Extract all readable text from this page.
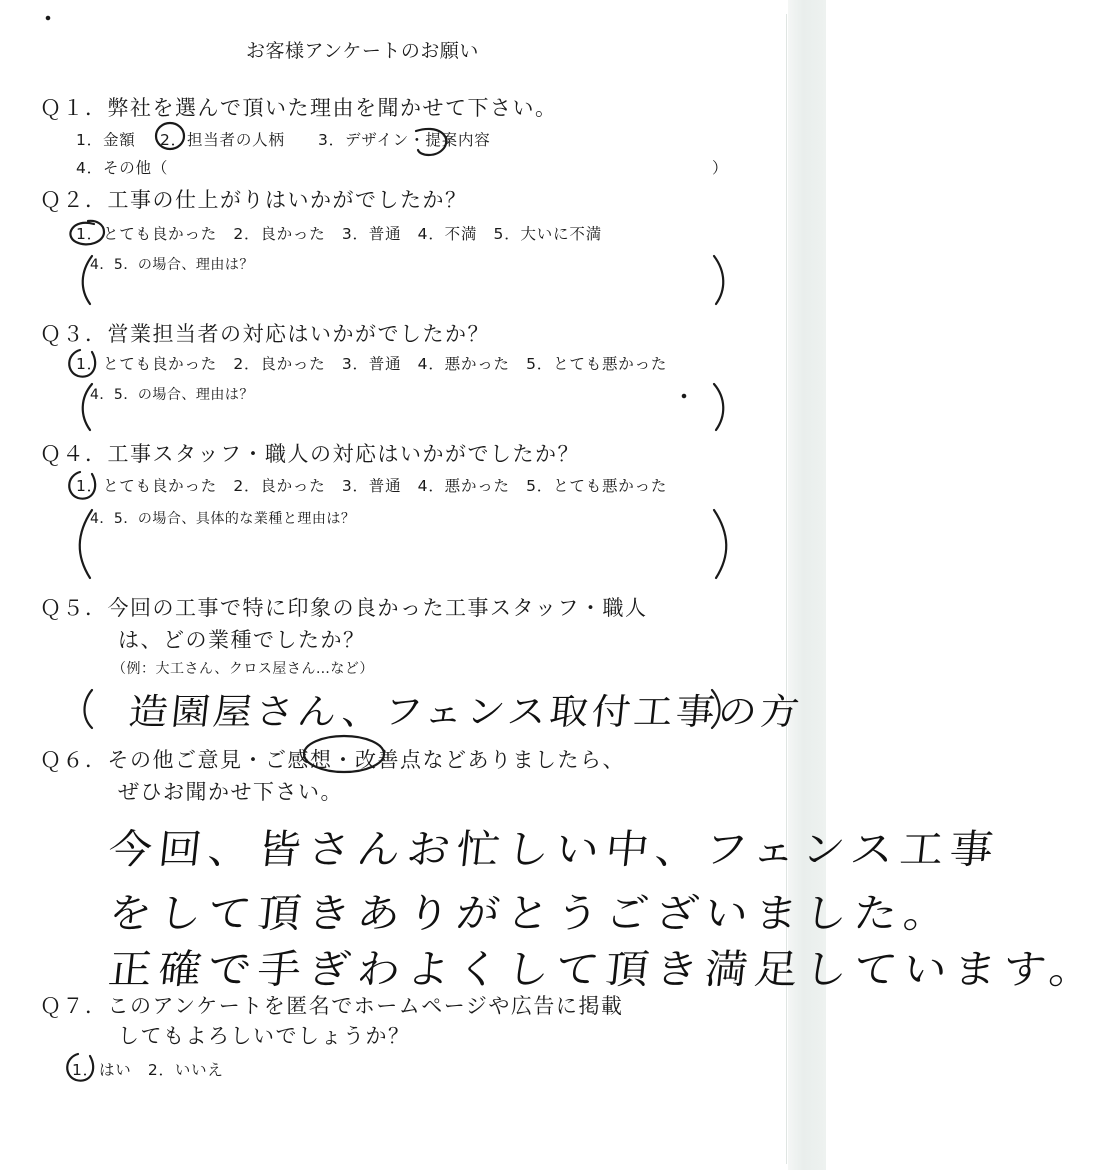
お客様アンケートのお願い
Ｑ１．弊社を選んで頂いた理由を聞かせて下さい。
1．金額 2．担当者の人柄 3．デザイン・提案内容
4．その他（	）
Ｑ２．工事の仕上がりはいかがでしたか？
1．とても良かった　2．良かった　3．普通　4．不満　5．大いに不満
4．5．の場合、理由は？
Ｑ３．営業担当者の対応はいかがでしたか？
1．とても良かった　2．良かった　3．普通　4．悪かった　5．とても悪かった
4．5．の場合、理由は？
Ｑ４．工事スタッフ・職人の対応はいかがでしたか？
1．とても良かった　2．良かった　3．普通　4．悪かった　5．とても悪かった
4．5．の場合、具体的な業種と理由は？
Ｑ５．今回の工事で特に印象の良かった工事スタッフ・職人
は、どの業種でしたか？
（例：大工さん、クロス屋さん…など）
造園屋さん、フェンス取付工事の方
Ｑ６．その他ご意見・ご感想・改善点などありましたら、
ぜひお聞かせ下さい。
今回、皆さんお忙しい中、フェンス工事
をして頂きありがとうございました。
正確で手ぎわよくして頂き満足しています。
Ｑ７．このアンケートを匿名でホームページや広告に掲載
してもよろしいでしょうか？
1．はい　2．いいえ
